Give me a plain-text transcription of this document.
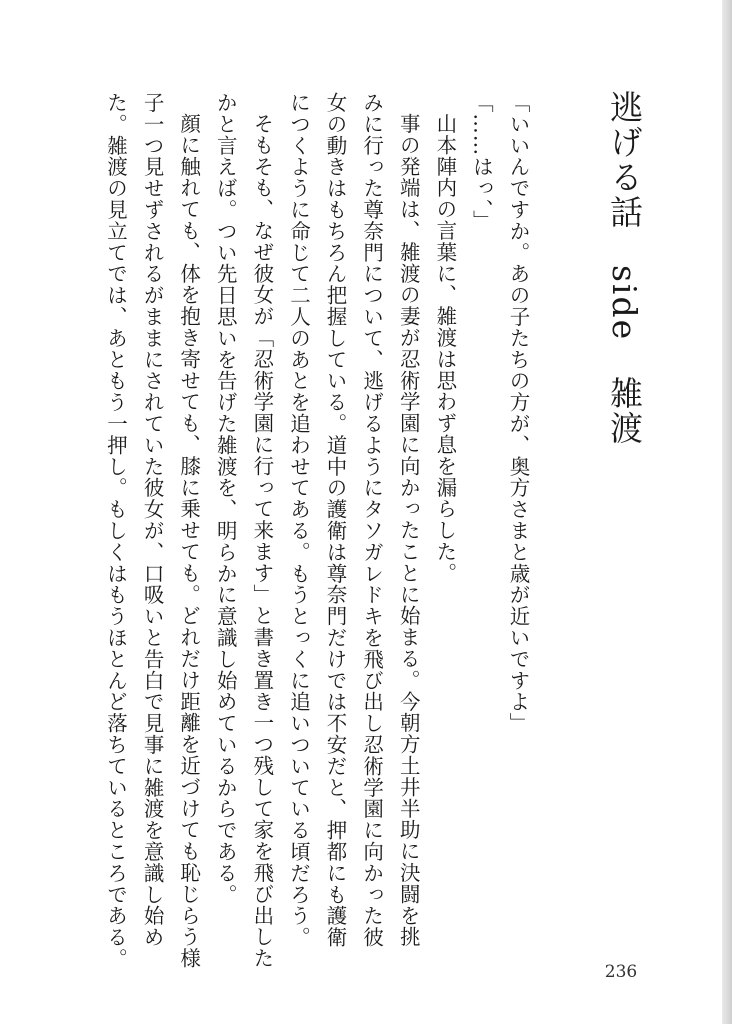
逃げる話　side　雑渡

「いいんですか。あの子たちの方が、奥方さまと歳が近いですよ」

「……はっ、」

山本陣内の言葉に、雑渡は思わず息を漏らした。

事の発端は、雑渡の妻が忍術学園に向かったことに始まる。今朝方土井半助に決闘を挑

みに行った尊奈門について、逃げるようにタソガレドキを飛び出し忍術学園に向かった彼

女の動きはもちろん把握している。道中の護衛は尊奈門だけでは不安だと、押都にも護衛

につくように命じて二人のあとを追わせてある。もうとっくに追いついている頃だろう。

そもそも、なぜ彼女が「忍術学園に行って来ます」と書き置き一つ残して家を飛び出した

かと言えば。つい先日思いを告げた雑渡を、明らかに意識し始めているからである。

顔に触れても、体を抱き寄せても、膝に乗せても。どれだけ距離を近づけても恥じらう様

子一つ見せずされるがままにされていた彼女が、口吸いと告白で見事に雑渡を意識し始め

た。雑渡の見立てでは、あともう一押し。もしくはもうほとんど落ちているところである。

236
